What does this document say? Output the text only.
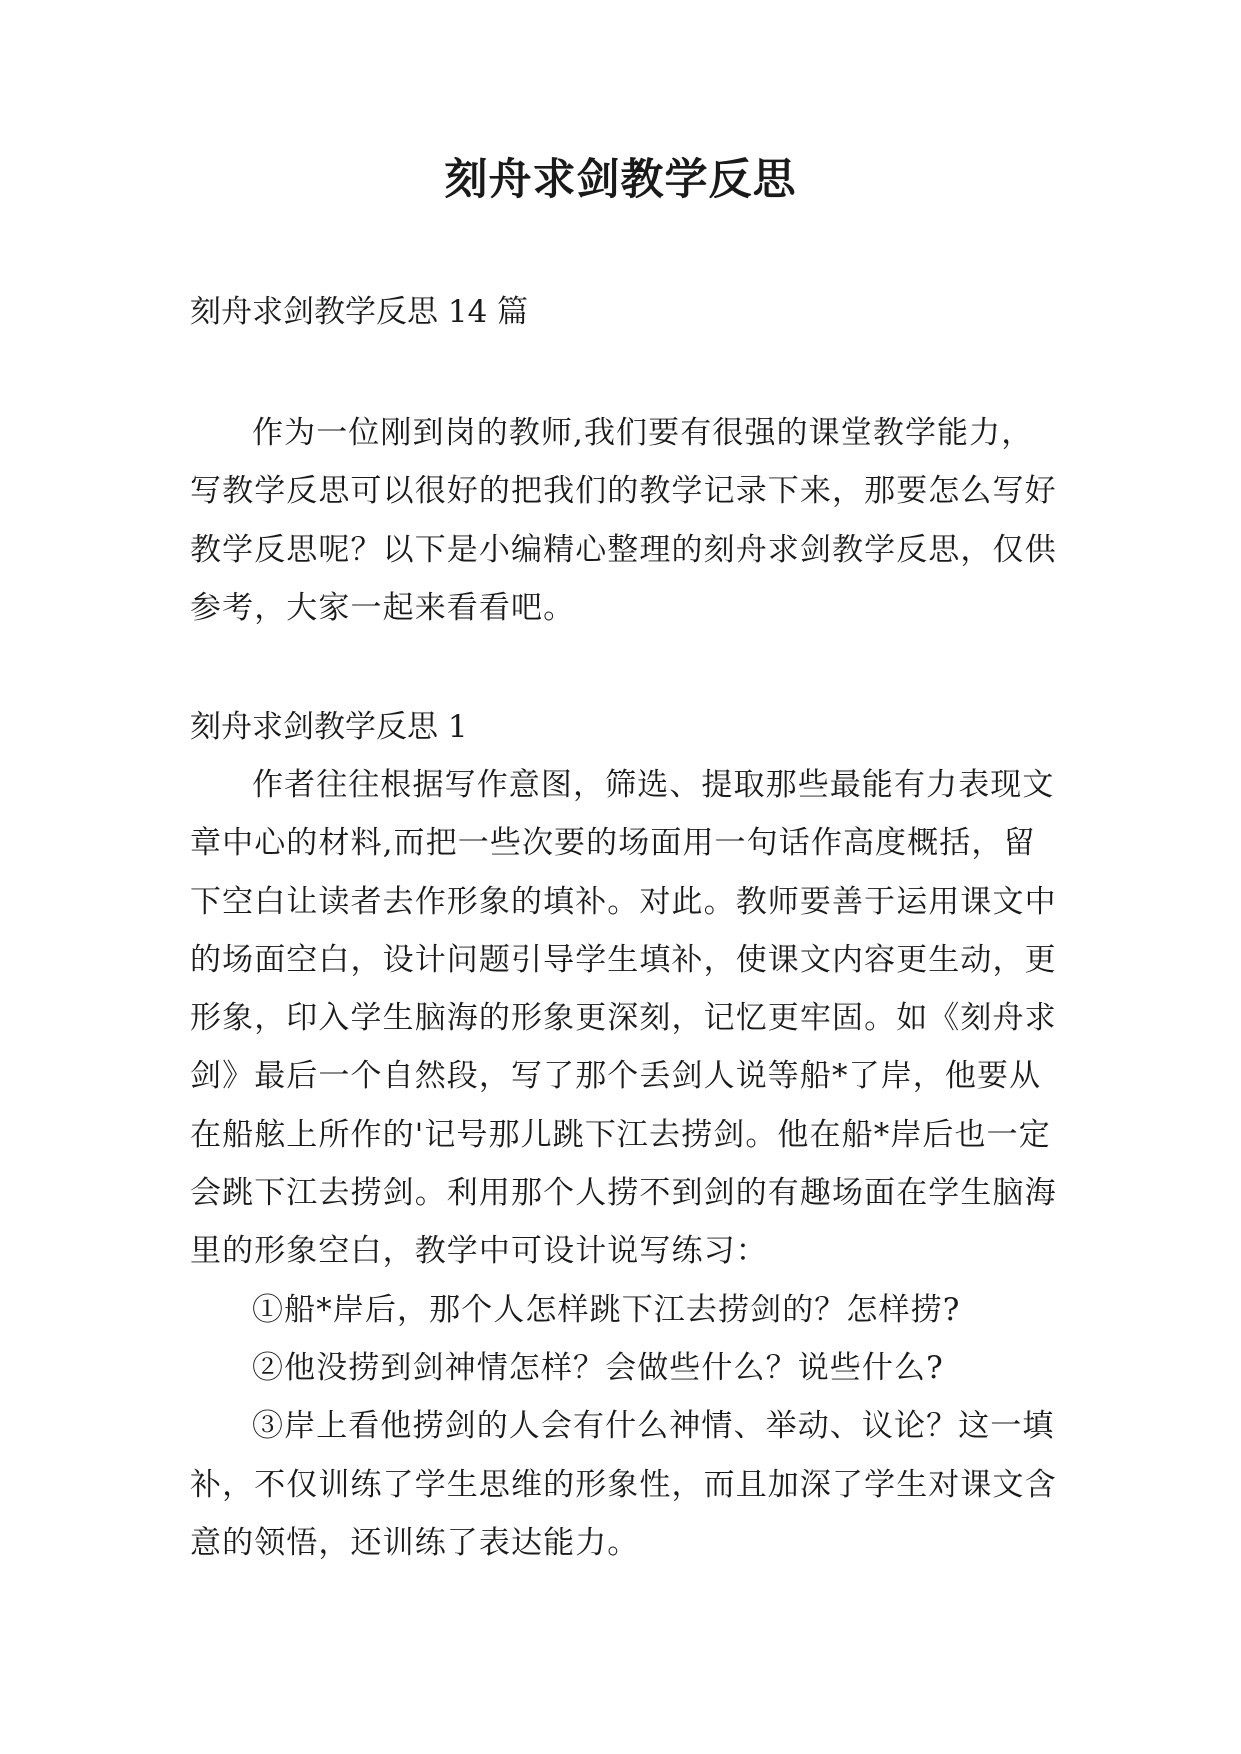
刻舟求剑教学反思

刻舟求剑教学反思 14 篇

作为一位刚到岗的教师,我们要有很强的课堂教学能力，写教学反思可以很好的把我们的教学记录下来，那要怎么写好教学反思呢？以下是小编精心整理的刻舟求剑教学反思，仅供参考，大家一起来看看吧。

刻舟求剑教学反思 1

作者往往根据写作意图，筛选、提取那些最能有力表现文章中心的材料,而把一些次要的场面用一句话作高度概括，留下空白让读者去作形象的填补。对此。教师要善于运用课文中的场面空白，设计问题引导学生填补，使课文内容更生动，更形象，印入学生脑海的形象更深刻，记忆更牢固。如《刻舟求剑》最后一个自然段，写了那个丢剑人说等船*了岸，他要从在船舷上所作的'记号那儿跳下江去捞剑。他在船*岸后也一定会跳下江去捞剑。利用那个人捞不到剑的有趣场面在学生脑海里的形象空白，教学中可设计说写练习：

①船*岸后，那个人怎样跳下江去捞剑的？怎样捞?

②他没捞到剑神情怎样？会做些什么？说些什么?

③岸上看他捞剑的人会有什么神情、举动、议论？这一填补，不仅训练了学生思维的形象性，而且加深了学生对课文含意的领悟，还训练了表达能力。
